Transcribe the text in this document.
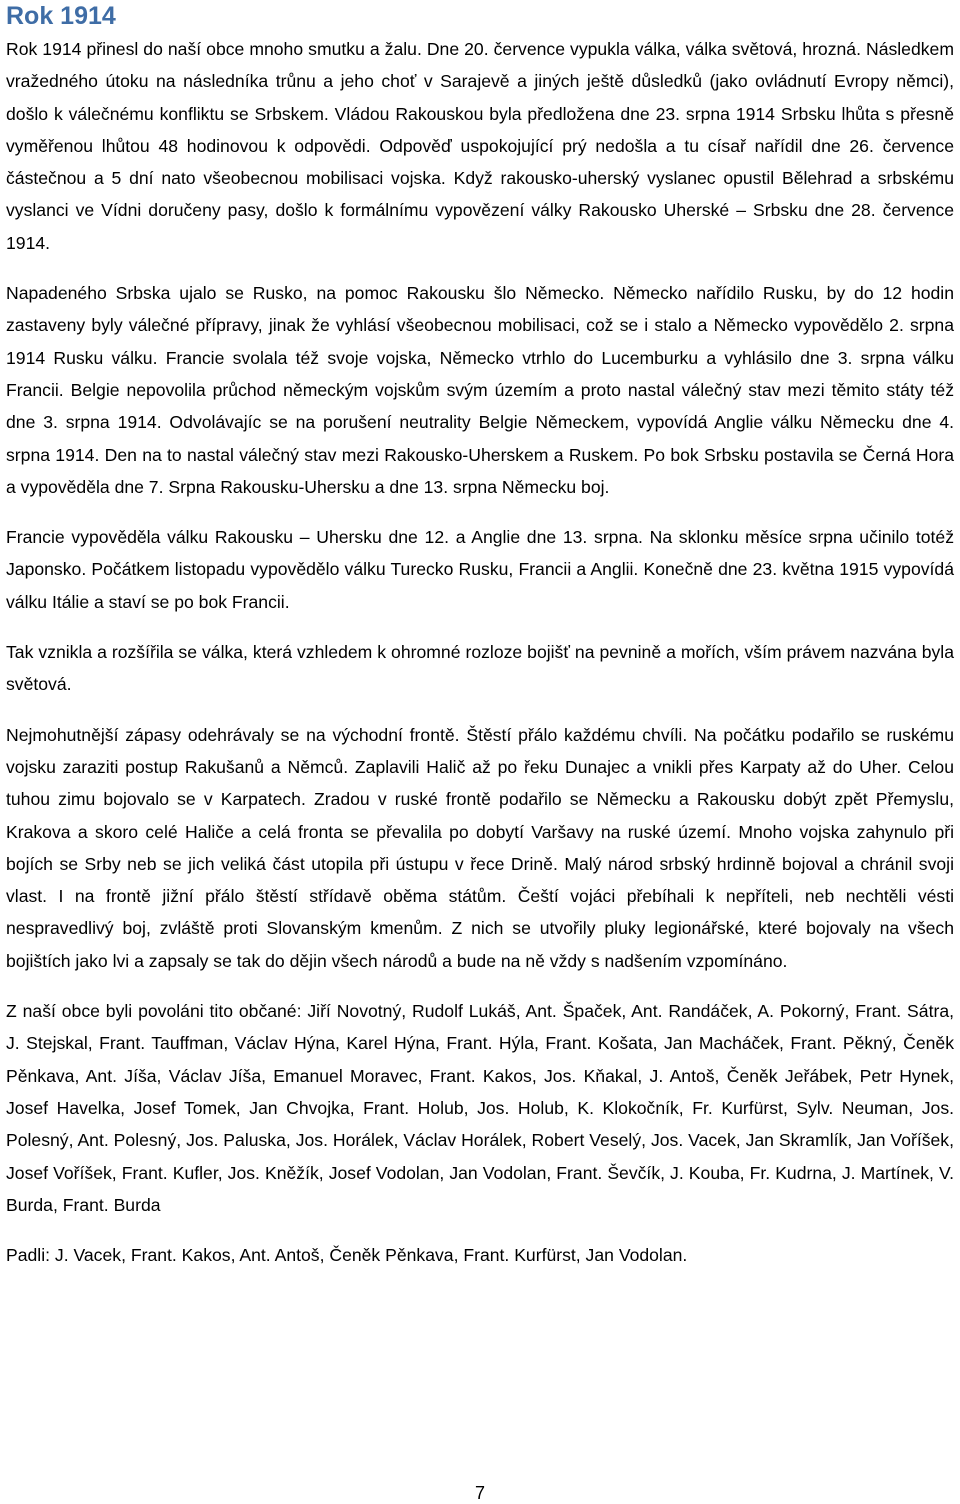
Rok 1914

Rok 1914 přinesl do naší obce mnoho smutku a žalu. Dne 20. července vypukla válka, válka světová, hrozná. Následkem vražedného útoku na následníka trůnu a jeho choť v Sarajevě a jiných ještě důsledků (jako ovládnutí Evropy němci), došlo k válečnému konfliktu se Srbskem. Vládou Rakouskou byla předložena dne 23. srpna 1914 Srbsku lhůta s přesně vyměřenou lhůtou 48 hodinovou k odpovědi. Odpověď uspokojující prý nedošla a tu císař nařídil dne 26. července částečnou a 5 dní nato všeobecnou mobilisaci vojska. Když rakousko-uherský vyslanec opustil Bělehrad a srbskému vyslanci ve Vídni doručeny pasy, došlo k formálnímu vypovězení války Rakousko Uherské – Srbsku dne 28. července 1914.

Napadeného Srbska ujalo se Rusko, na pomoc Rakousku šlo Německo. Německo nařídilo Rusku, by do 12 hodin zastaveny byly válečné přípravy, jinak že vyhlásí všeobecnou mobilisaci, což se i stalo a Německo vypovědělo 2. srpna 1914 Rusku válku. Francie svolala též svoje vojska, Německo vtrhlo do Lucemburku a vyhlásilo dne 3. srpna válku Francii. Belgie nepovolila průchod německým vojskům svým územím a proto nastal válečný stav mezi těmito státy též dne 3. srpna 1914. Odvolávajíc se na porušení neutrality Belgie Německem, vypovídá Anglie válku Německu dne 4. srpna 1914. Den na to nastal válečný stav mezi Rakousko-Uherskem a Ruskem. Po bok Srbsku postavila se Černá Hora a vypověděla dne 7. Srpna Rakousku-Uhersku a dne 13. srpna Německu boj.

Francie vypověděla válku Rakousku – Uhersku dne 12. a Anglie dne 13. srpna. Na sklonku měsíce srpna učinilo totéž Japonsko. Počátkem listopadu vypovědělo válku Turecko Rusku, Francii a Anglii. Konečně dne 23. května 1915 vypovídá válku Itálie a staví se po bok Francii.

Tak vznikla a rozšířila se válka, která vzhledem k ohromné rozloze bojišť na pevnině a mořích, vším právem nazvána byla světová.

Nejmohutnější zápasy odehrávaly se na východní frontě. Štěstí přálo každému chvíli. Na počátku podařilo se ruskému vojsku zaraziti postup Rakušanů a Němců. Zaplavili Halič až po řeku Dunajec a vnikli přes Karpaty až do Uher. Celou tuhou zimu bojovalo se v Karpatech. Zradou v ruské frontě podařilo se Německu a Rakousku dobýt zpět Přemyslu, Krakova a skoro celé Haliče a celá fronta se převalila po dobytí Varšavy na ruské území. Mnoho vojska zahynulo při bojích se Srby neb se jich veliká část utopila při ústupu v řece Drině. Malý národ srbský hrdinně bojoval a chránil svoji vlast. I na frontě jižní přálo štěstí střídavě oběma státům. Čeští vojáci přebíhali k nepříteli, neb nechtěli vésti nespravedlivý boj, zvláště proti Slovanským kmenům. Z nich se utvořily pluky legionářské, které bojovaly na všech bojištích jako lvi a zapsaly se tak do dějin všech národů a bude na ně vždy s nadšením vzpomínáno.

Z naší obce byli povoláni tito občané: Jiří Novotný, Rudolf Lukáš, Ant. Špaček, Ant. Randáček, A. Pokorný, Frant. Sátra, J. Stejskal, Frant. Tauffman, Václav Hýna, Karel Hýna, Frant. Hýla, Frant. Košata, Jan Macháček, Frant. Pěkný, Čeněk Pěnkava, Ant. Jíša, Václav Jíša, Emanuel Moravec, Frant. Kakos, Jos. Kňakal, J. Antoš, Čeněk Jeřábek, Petr Hynek, Josef Havelka, Josef Tomek, Jan Chvojka, Frant. Holub, Jos. Holub, K. Klokočník, Fr. Kurfürst, Sylv. Neuman, Jos. Polesný, Ant. Polesný, Jos. Paluska, Jos. Horálek, Václav Horálek, Robert Veselý, Jos. Vacek, Jan Skramlík, Jan Voříšek, Josef Voříšek, Frant. Kufler, Jos. Kněžík, Josef Vodolan, Jan Vodolan, Frant. Ševčík, J. Kouba, Fr. Kudrna, J. Martínek, V. Burda, Frant. Burda

Padli: J. Vacek, Frant. Kakos, Ant. Antoš, Čeněk Pěnkava, Frant. Kurfürst, Jan Vodolan.

7
